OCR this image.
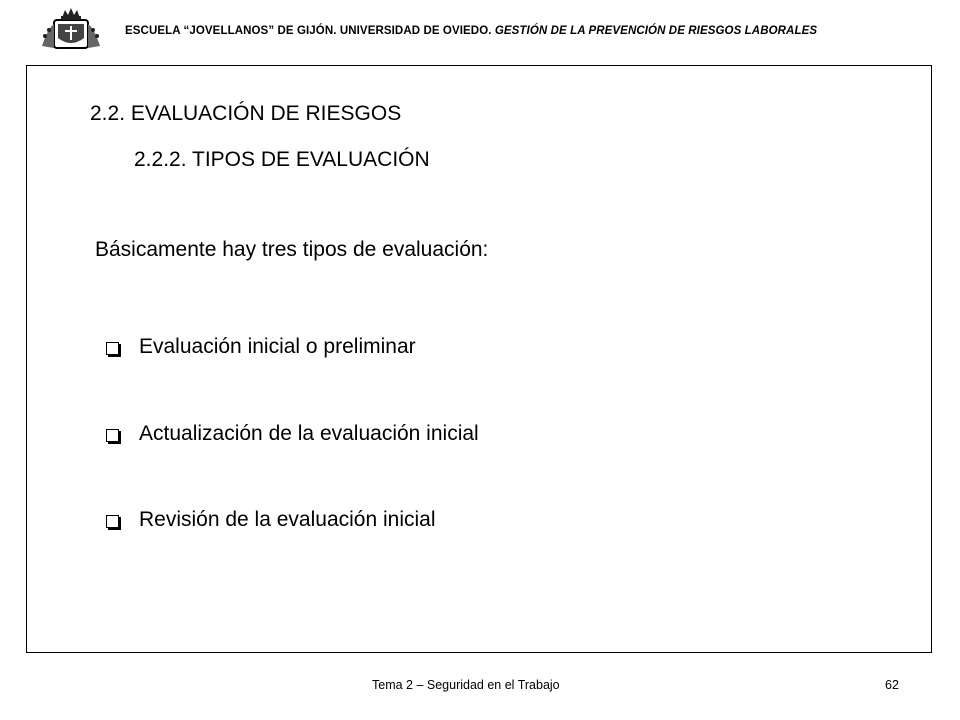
ESCUELA “JOVELLANOS” DE GIJÓN. UNIVERSIDAD DE OVIEDO. GESTIÓN DE LA PREVENCIÓN DE RIESGOS LABORALES
2.2. EVALUACIÓN DE RIESGOS
2.2.2. TIPOS DE EVALUACIÓN
Básicamente hay tres tipos de evaluación:
Evaluación inicial o preliminar
Actualización de la evaluación inicial
Revisión de la evaluación inicial
Tema 2 – Seguridad en el Trabajo	62
